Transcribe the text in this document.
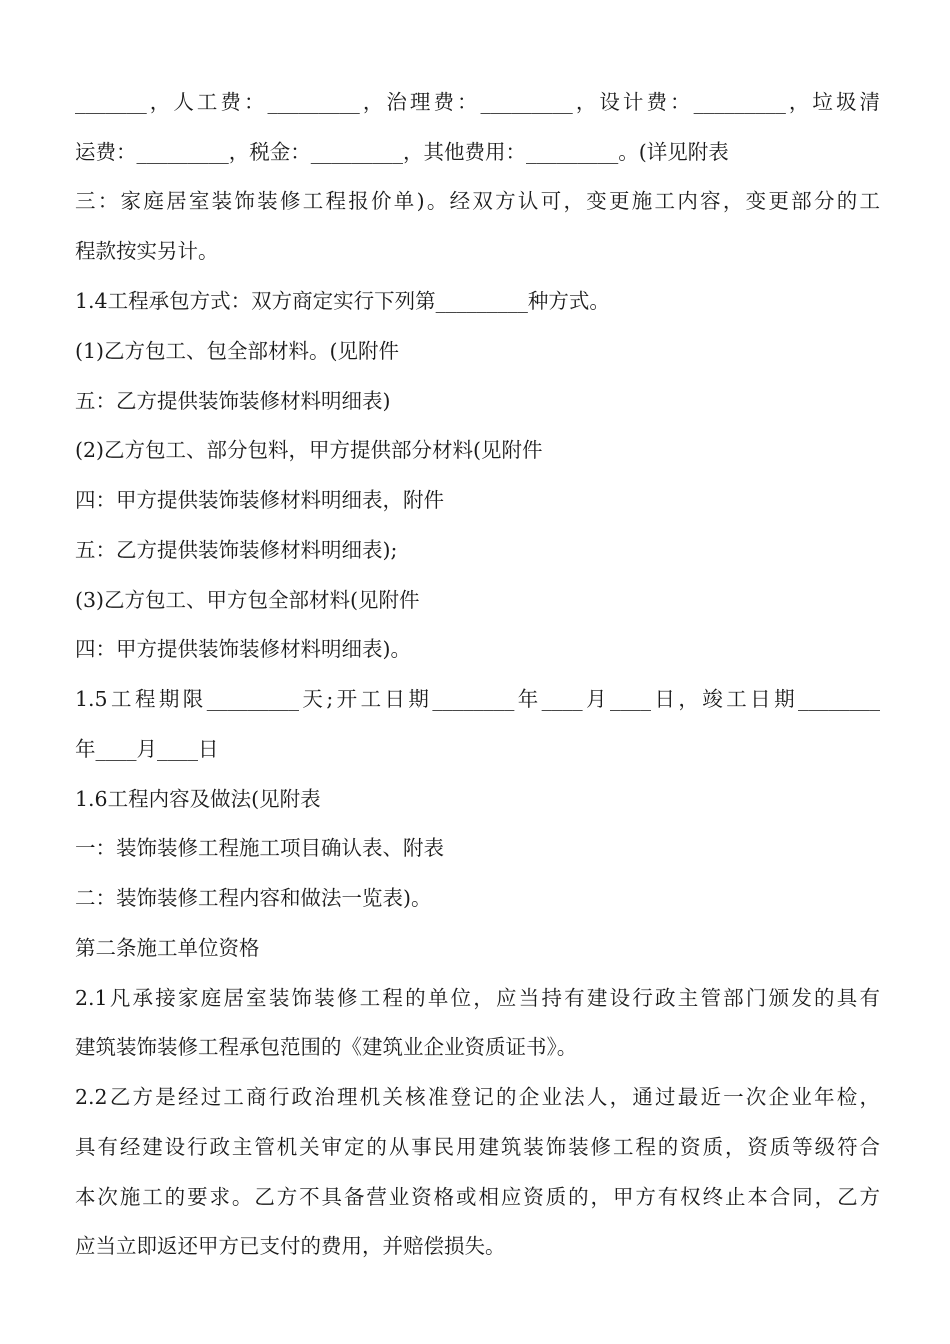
_______，人工费：_________，治理费：_________，设计费：_________，垃圾清
运费：_________，税金：_________，其他费用：_________。(详见附表
三：家庭居室装饰装修工程报价单)。经双方认可，变更施工内容，变更部分的工
程款按实另计。
1.4工程承包方式：双方商定实行下列第_________种方式。
(1)乙方包工、包全部材料。(见附件
五：乙方提供装饰装修材料明细表)
(2)乙方包工、部分包料，甲方提供部分材料(见附件
四：甲方提供装饰装修材料明细表，附件
五：乙方提供装饰装修材料明细表);
(3)乙方包工、甲方包全部材料(见附件
四：甲方提供装饰装修材料明细表)。
1.5工程期限_________天;开工日期________年____月____日，竣工日期________
年____月____日
1.6工程内容及做法(见附表
一：装饰装修工程施工项目确认表、附表
二：装饰装修工程内容和做法一览表)。
第二条施工单位资格
2.1凡承接家庭居室装饰装修工程的单位，应当持有建设行政主管部门颁发的具有
建筑装饰装修工程承包范围的《建筑业企业资质证书》。
2.2乙方是经过工商行政治理机关核准登记的企业法人，通过最近一次企业年检，
具有经建设行政主管机关审定的从事民用建筑装饰装修工程的资质，资质等级符合
本次施工的要求。乙方不具备营业资格或相应资质的，甲方有权终止本合同，乙方
应当立即返还甲方已支付的费用，并赔偿损失。
